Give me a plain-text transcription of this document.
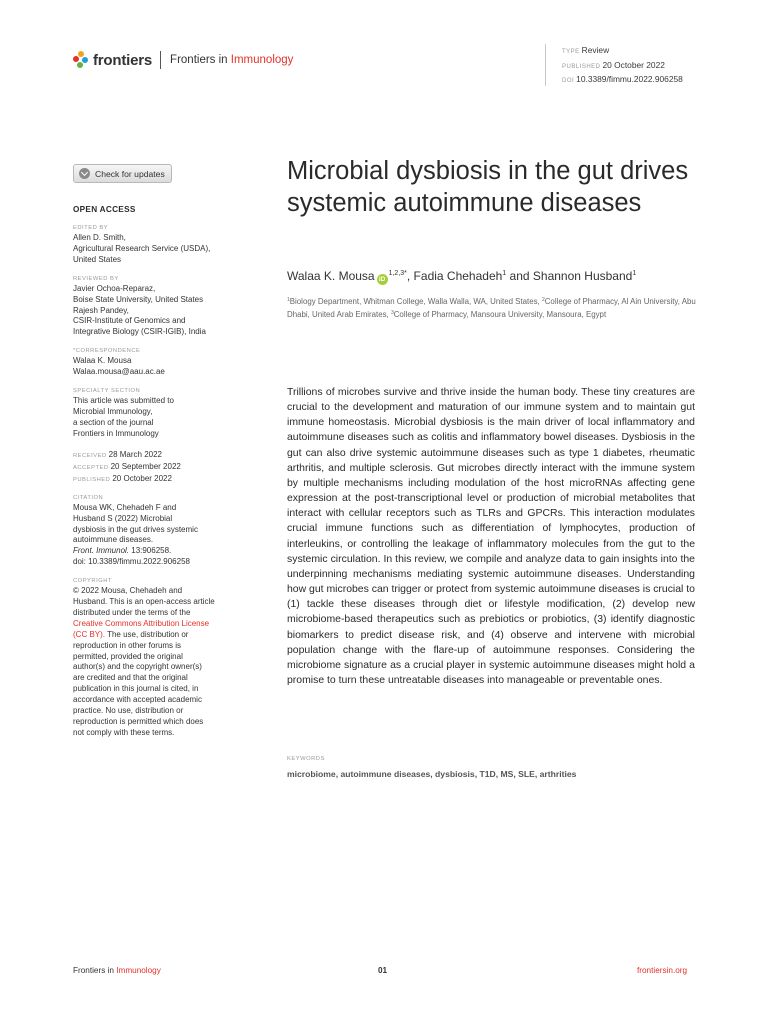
frontiers Frontiers in Immunology
TYPE Review
PUBLISHED 20 October 2022
DOI 10.3389/fimmu.2022.906258
Check for updates
OPEN ACCESS
EDITED BY
Allen D. Smith,
Agricultural Research Service (USDA),
United States
REVIEWED BY
Javier Ochoa-Reparaz,
Boise State University, United States
Rajesh Pandey,
CSIR-Institute of Genomics and
Integrative Biology (CSIR-IGIB), India
*CORRESPONDENCE
Walaa K. Mousa
Walaa.mousa@aau.ac.ae
SPECIALTY SECTION
This article was submitted to
Microbial Immunology,
a section of the journal
Frontiers in Immunology
RECEIVED 28 March 2022
ACCEPTED 20 September 2022
PUBLISHED 20 October 2022
CITATION
Mousa WK, Chehadeh F and
Husband S (2022) Microbial
dysbiosis in the gut drives systemic
autoimmune diseases.
Front. Immunol. 13:906258.
doi: 10.3389/fimmu.2022.906258
COPYRIGHT
© 2022 Mousa, Chehadeh and
Husband. This is an open-access article
distributed under the terms of the
Creative Commons Attribution License
(CC BY). The use, distribution or
reproduction in other forums is
permitted, provided the original
author(s) and the copyright owner(s)
are credited and that the original
publication in this journal is cited, in
accordance with accepted academic
practice. No use, distribution or
reproduction is permitted which does
not comply with these terms.
Microbial dysbiosis in the gut drives systemic autoimmune diseases
Walaa K. Mousa $iD^{1,2,3*}$, Fadia Chehadeh$^1$ and Shannon Husband$^1$
$^1$Biology Department, Whitman College, Walla Walla, WA, United States, $^2$College of Pharmacy, Al Ain University, Abu Dhabi, United Arab Emirates, $^3$College of Pharmacy, Mansoura University, Mansoura, Egypt

Trillions of microbes survive and thrive inside the human body. These tiny creatures are crucial to the development and maturation of our immune system and to maintain gut immune homeostasis. Microbial dysbiosis is the main driver of local inflammatory and autoimmune diseases such as colitis and inflammatory bowel diseases. Dysbiosis in the gut can also drive systemic autoimmune diseases such as type 1 diabetes, rheumatic arthritis, and multiple sclerosis. Gut microbes directly interact with the immune system by multiple mechanisms including modulation of the host microRNAs affecting gene expression at the post-transcriptional level or production of microbial metabolites that interact with cellular receptors such as TLRs and GPCRs. This interaction modulates crucial immune functions such as differentiation of lymphocytes, production of interleukins, or controlling the leakage of inflammatory molecules from the gut to the systemic circulation. In this review, we compile and analyze data to gain insights into the underpinning mechanisms mediating systemic autoimmune diseases. Understanding how gut microbes can trigger or protect from systemic autoimmune diseases is crucial to (1) tackle these diseases through diet or lifestyle modification, (2) develop new microbiome-based therapeutics such as prebiotics or probiotics, (3) identify diagnostic biomarkers to predict disease risk, and (4) observe and intervene with microbial population change with the flare-up of autoimmune responses. Considering the microbiome signature as a crucial player in systemic autoimmune diseases might hold a promise to turn these untreatable diseases into manageable or preventable ones.

KEYWORDS
microbiome, autoimmune diseases, dysbiosis, T1D, MS, SLE, arthrities
Frontiers in Immunology	01	frontiersin.org
